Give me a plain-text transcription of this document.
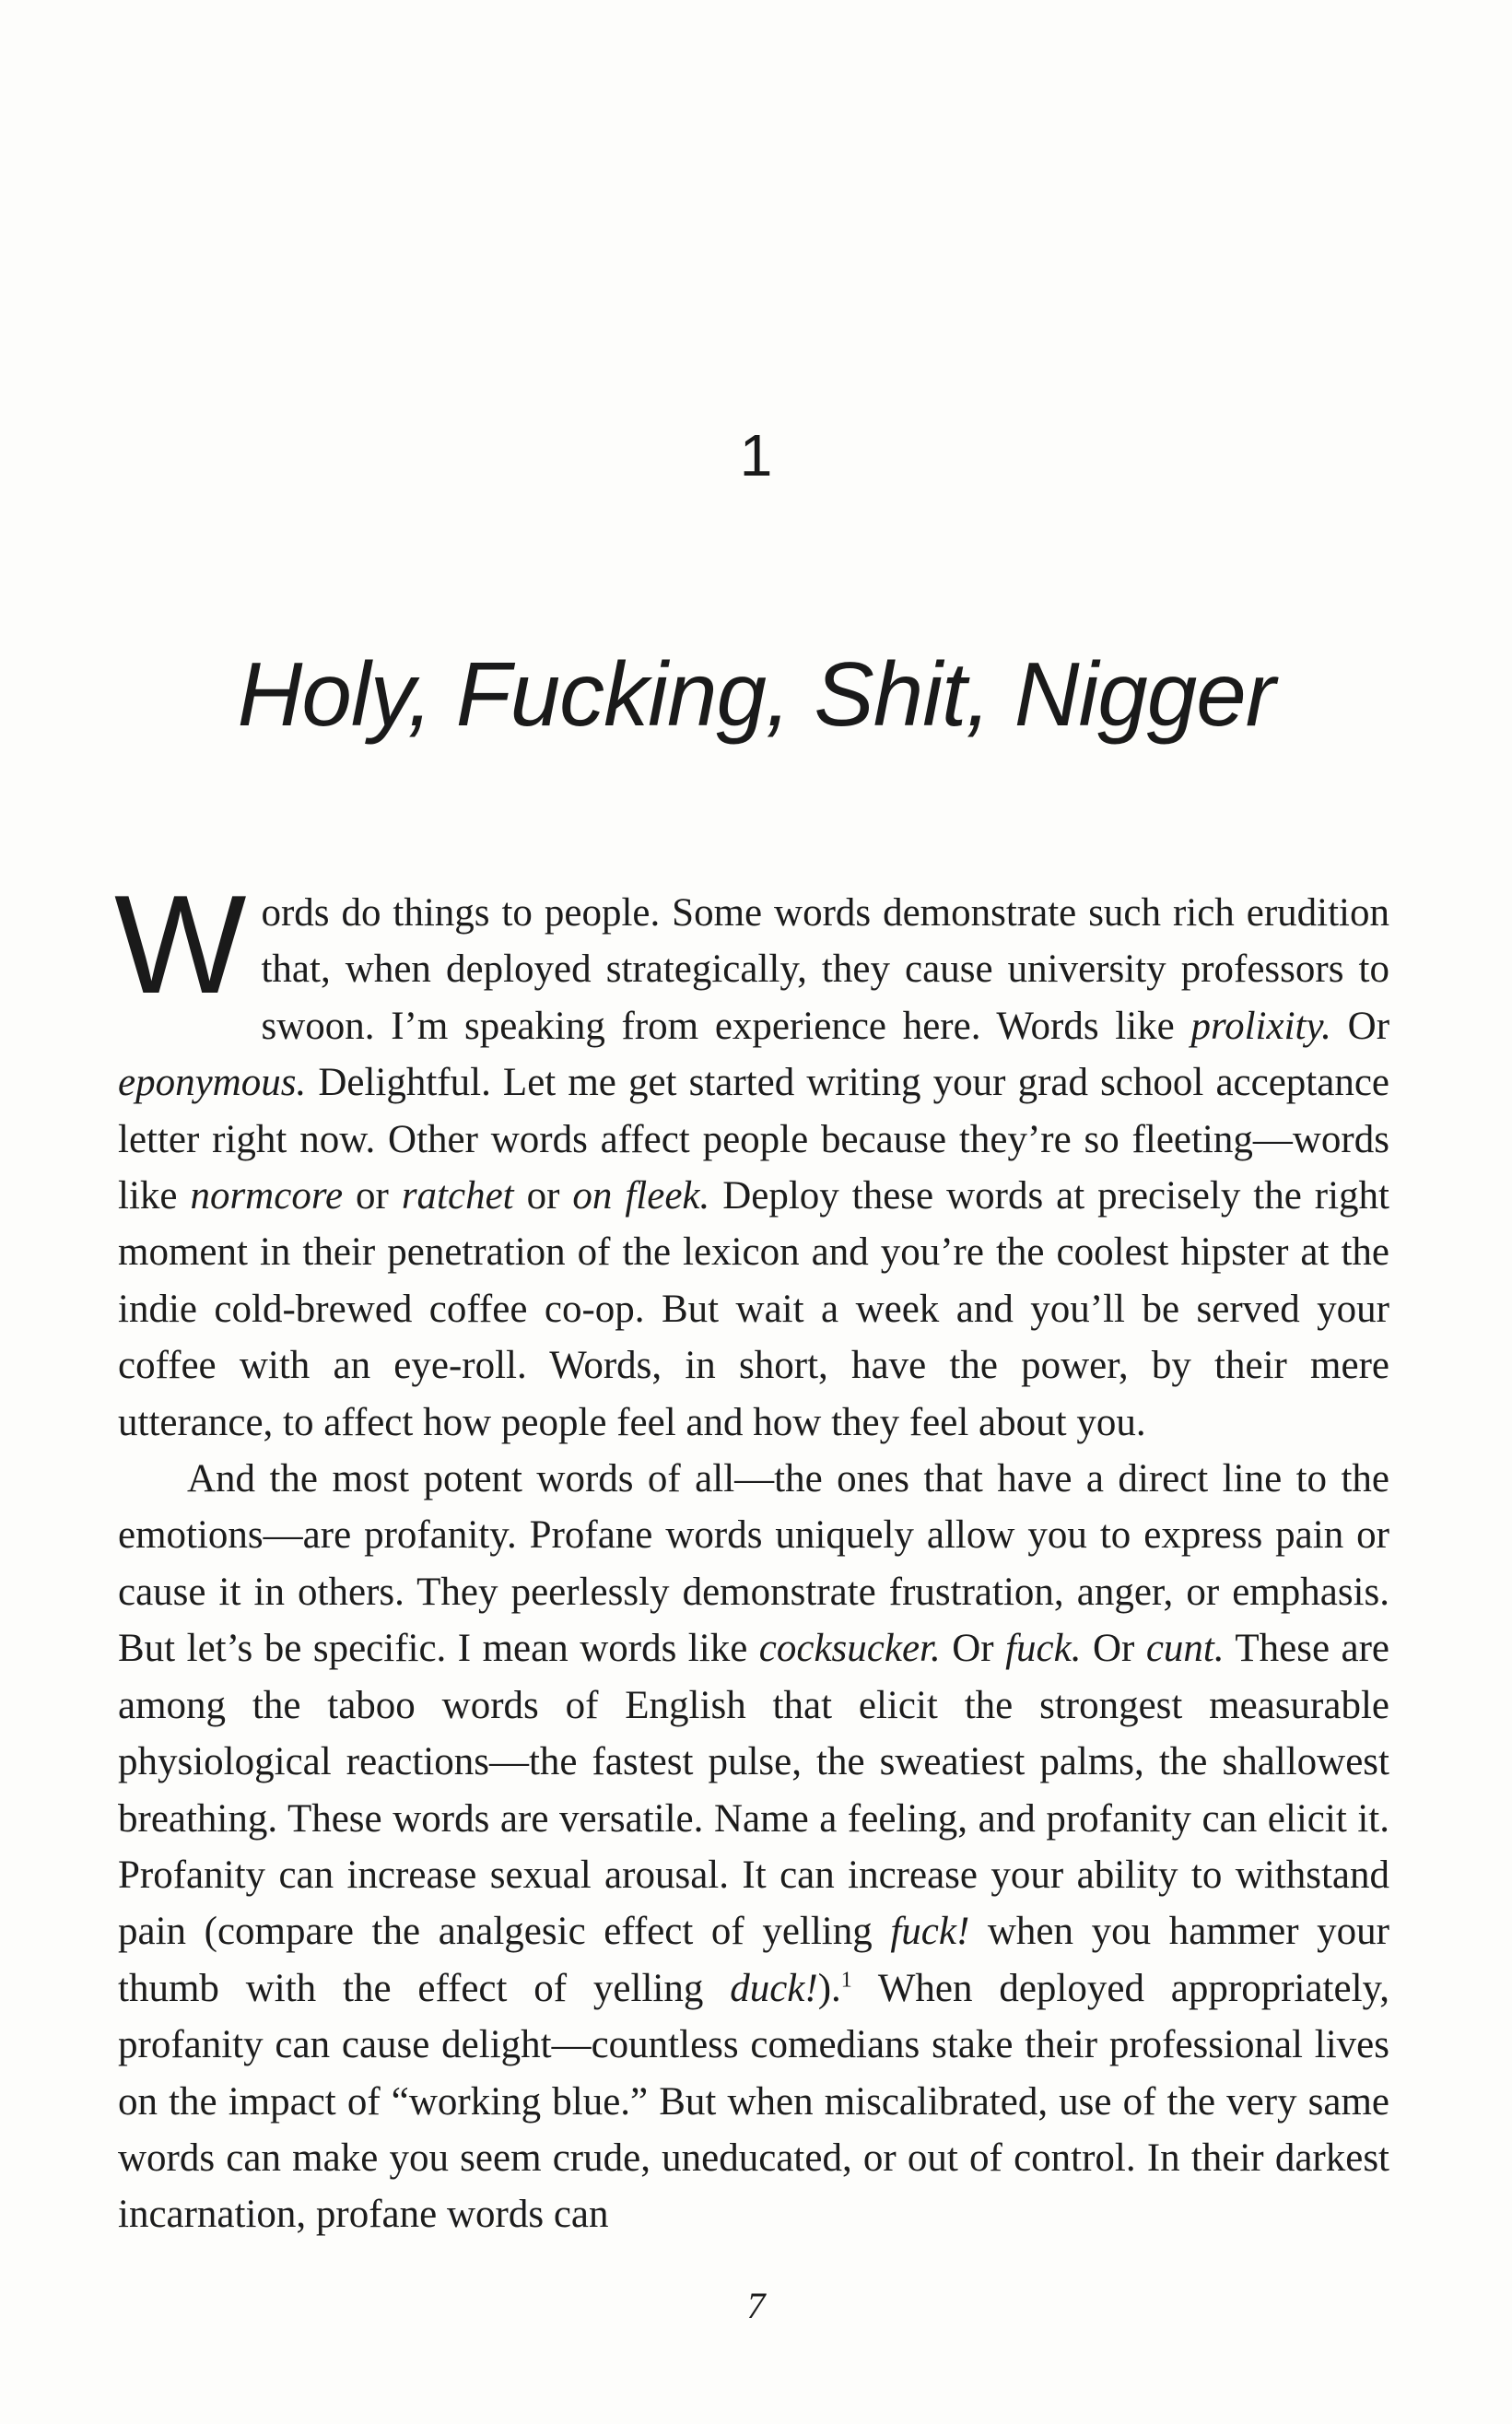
1
Holy, Fucking, Shit, Nigger

Words do things to people. Some words demonstrate such rich erudition that, when deployed strategically, they cause university professors to swoon. I’m speaking from experience here. Words like prolixity. Or eponymous. Delightful. Let me get started writing your grad school acceptance letter right now. Other words affect people because they’re so fleeting—words like normcore or ratchet or on fleek. Deploy these words at precisely the right moment in their penetration of the lexicon and you’re the coolest hipster at the indie cold-brewed coffee co-op. But wait a week and you’ll be served your coffee with an eye-roll. Words, in short, have the power, by their mere utterance, to affect how people feel and how they feel about you.

And the most potent words of all—the ones that have a direct line to the emotions—are profanity. Profane words uniquely allow you to express pain or cause it in others. They peerlessly demonstrate frustration, anger, or emphasis. But let’s be specific. I mean words like cocksucker. Or fuck. Or cunt. These are among the taboo words of English that elicit the strongest measurable physiological reactions—the fastest pulse, the sweatiest palms, the shallowest breathing. These words are versatile. Name a feeling, and profanity can elicit it. Profanity can increase sexual arousal. It can increase your ability to withstand pain (compare the analgesic effect of yelling fuck! when you hammer your thumb with the effect of yelling duck!).$^1$ When deployed appropriately, profanity can cause delight—countless comedians stake their professional lives on the impact of “working blue.” But when miscalibrated, use of the very same words can make you seem crude, uneducated, or out of control. In their darkest incarnation, profane words can

7
